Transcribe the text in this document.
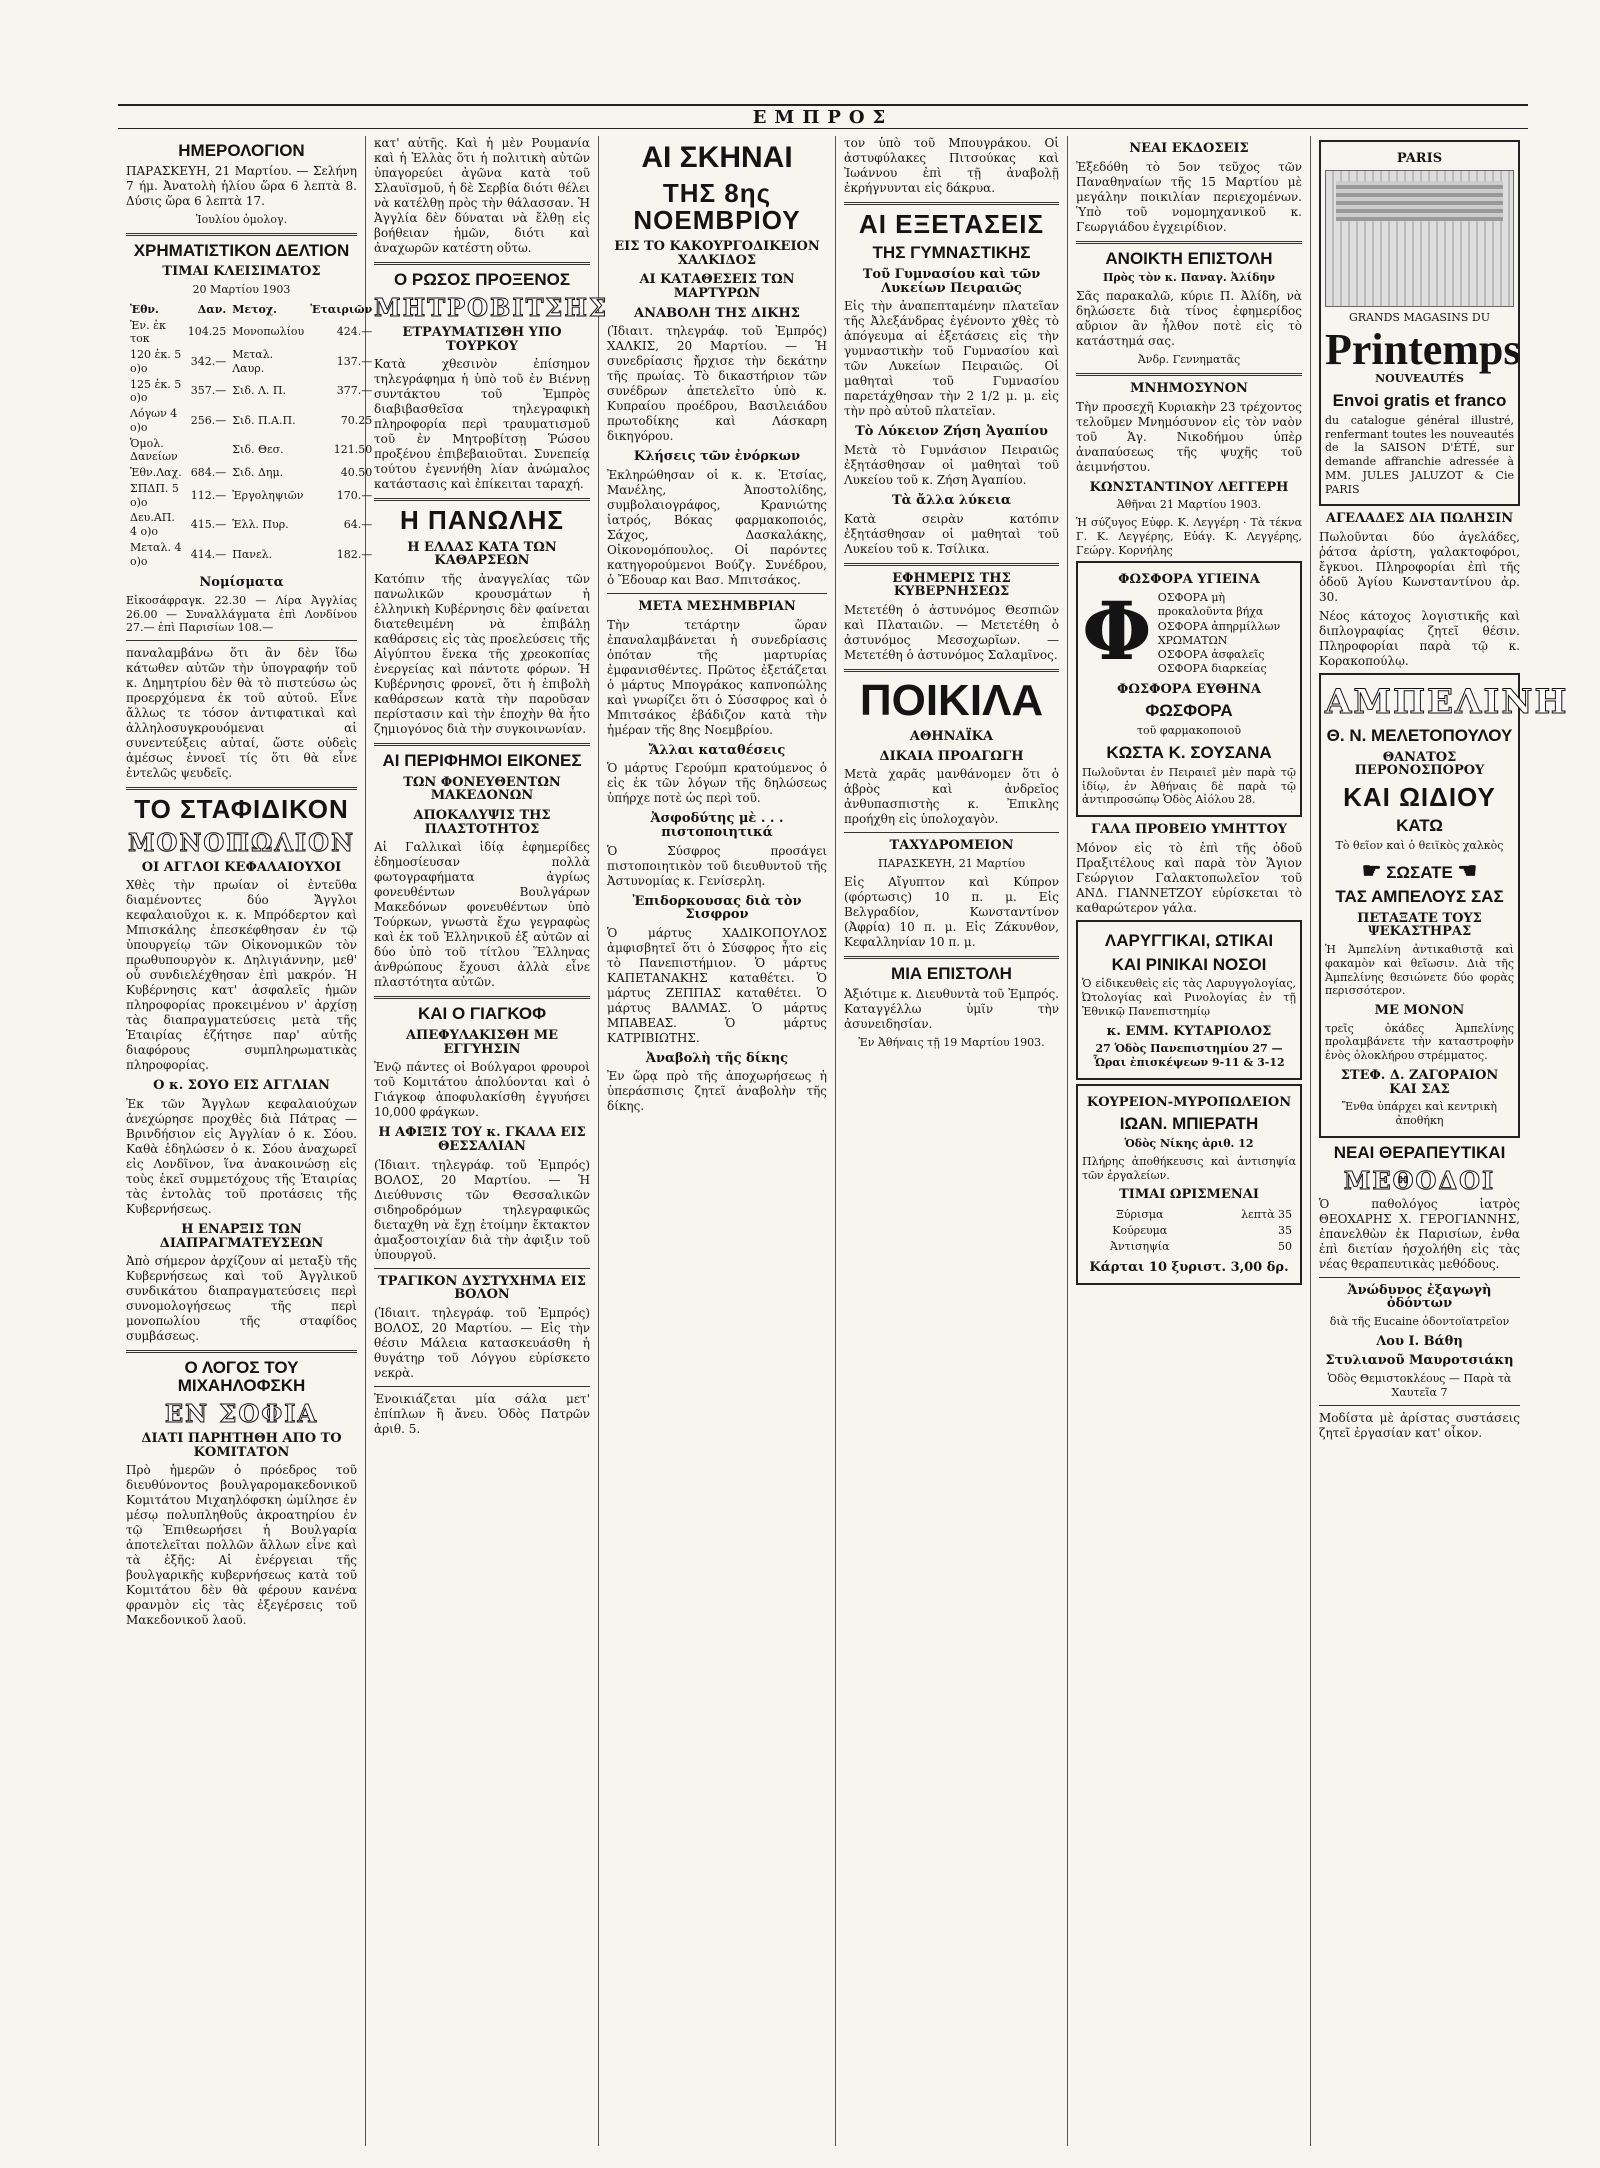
ΕΜΠΡΟΣ
ΗΜΕΡΟΛΟΓΙΟΝ

ΠΑΡΑΣΚΕΥΗ, 21 Μαρτίου. — Σελήνη 7 ήμ. Ἀνατολὴ ἡλίου ὥρα 6 λεπτὰ 8. Δύσις ὥρα 6 λεπτὰ 17.

Ἰουλίου ὁμολογ.

ΧΡΗΜΑΤΙΣΤΙΚΟΝ ΔΕΛΤΙΟΝ
ΤΙΜΑΙ ΚΛΕΙΣΙΜΑΤΟΣ

20 Μαρτίου 1903

Ἐθν.	Δαν.	Μετοχ.	Ἐταιριῶν
Ἐν. ἐκ τοκ	104.25	Μονοπωλίου	424.—
120 ἐκ. 5 ο)ο	342.—	Μεταλ. Λαυρ.	137.—
125 ἐκ. 5 ο)ο	357.—	Σιδ. Λ. Π.	377.—
Λόγων 4 ο)ο	256.—	Σιδ. Π.Α.Π.	70.25
Ὁμολ. Δανείων		Σιδ. Θεσ.	121.50
Ἐθν.Λαχ.	684.—	Σιδ. Δημ.	40.50
ΣΠΔΠ. 5 ο)ο	112.—	Ἐργοληψιῶν	170.—
Δευ.ΑΠ. 4 ο)ο	415.—	Ἑλλ. Πυρ.	64.—
Μεταλ. 4 ο)ο	414.—	Πανελ.	182.—
Νομίσματα

Εἰκοσάφραγκ. 22.30 — Λίρα Ἀγγλίας 26.00 — Συναλλάγματα ἐπὶ Λονδίνου 27.— ἐπὶ Παρισίων 108.—

παναλαμβάνω ὅτι ἂν δὲν ἴδω κάτωθεν αὐτῶν τὴν ὑπογραφήν τοῦ κ. Δημητρίου δὲν θὰ τὸ πιστεύσω ὡς προερχόμενα ἐκ τοῦ αὐτοῦ. Εἶνε ἄλλως τε τόσον ἀντιφατικαὶ καὶ ἀλληλοσυγκρουόμεναι αἱ συνεντεύξεις αὐταί, ὥστε οὐδεὶς ἀμέσως ἐννοεῖ τίς ὅτι θὰ εἶνε ἐντελῶς ψευδεῖς.

ΤΟ ΣΤΑΦΙΔΙΚΟΝ
ΜΟΝΟΠΩΛΙΟΝ
ΟΙ ΑΓΓΛΟΙ ΚΕΦΑΛΑΙΟΥΧΟΙ

Χθὲς τὴν πρωίαν οἱ ἐντεῦθα διαμένοντες δύο Ἄγγλοι κεφαλαιοῦχοι κ. κ. Μπρόδερτον καὶ Μπισκάλης ἐπεσκέφθησαν ἐν τῷ ὑπουργείῳ τῶν Οἰκονομικῶν τὸν πρωθυπουργὸν κ. Δηλιγιάννην, μεθ' οὗ συνδιελέχθησαν ἐπὶ μακρόν. Ἡ Κυβέρνησις κατ' ἀσφαλεῖς ἡμῶν πληροφορίας προκειμένου ν' ἀρχίσῃ τὰς διαπραγματεύσεις μετὰ τῆς Ἑταιρίας ἐζήτησε παρ' αὐτῆς διαφόρους συμπληρωματικὰς πληροφορίας.

Ο κ. ΣΟΥΟ ΕΙΣ ΑΓΓΛΙΑΝ

Ἐκ τῶν Ἄγγλων κεφαλαιούχων ἀνεχώρησε προχθὲς διὰ Πάτρας — Βρινδήσιον εἰς Ἀγγλίαν ὁ κ. Σόου. Καθὰ ἐδηλώσεν ὁ κ. Σόου ἀναχωρεῖ εἰς Λονδῖνον, ἵνα ἀνακοινώσῃ εἰς τοὺς ἐκεῖ συμμετόχους τῆς Ἑταιρίας τὰς ἐντολὰς τοῦ προτάσεις τῆς Κυβερνήσεως.

Η ΕΝΑΡΞΙΣ ΤΩΝ ΔΙΑΠΡΑΓΜΑΤΕΥΣΕΩΝ

Ἀπὸ σήμερον ἀρχίζουν αἱ μεταξὺ τῆς Κυβερνήσεως καὶ τοῦ Ἀγγλικοῦ συνδικάτου διαπραγματεύσεις περὶ συνομολογήσεως τῆς περὶ μονοπωλίου τῆς σταφίδος συμβάσεως.

Ο ΛΟΓΟΣ ΤΟΥ ΜΙΧΑΗΛΟΦΣΚΗ
ΕΝ ΣΟΦΙΑ
ΔΙΑΤΙ ΠΑΡΗΤΗΘΗ ΑΠΟ ΤΟ ΚΟΜΙΤΑΤΟΝ

Πρὸ ἡμερῶν ὁ πρόεδρος τοῦ διευθύνοντος βουλγαρομακεδονικοῦ Κομιτάτου Μιχαηλόφσκη ὡμίλησε ἐν μέσῳ πολυπληθοῦς ἀκροατηρίου ἐν τῷ Ἐπιθεωρήσει ἡ Βουλγαρία ἀποτελεῖται πολλῶν ἄλλων εἶνε καὶ τὰ ἑξῆς: Αἱ ἐνέργειαι τῆς βουλγαρικῆς κυβερνήσεως κατὰ τοῦ Κομιτάτου δὲν θὰ φέρουν κανένα φρανμὸν εἰς τὰς ἐξεγέρσεις τοῦ Μακεδονικοῦ λαοῦ.

κατ' αὐτῆς. Καὶ ἡ μὲν Ρουμανία καὶ ἡ Ἑλλὰς ὅτι ἡ πολιτικὴ αὐτῶν ὑπαγορεύει ἀγῶνα κατὰ τοῦ Σλαυϊσμοῦ, ἡ δὲ Σερβία διότι θέλει νὰ κατέλθῃ πρὸς τὴν θάλασσαν. Ἡ Ἀγγλία δὲν δύναται νὰ ἔλθῃ εἰς βοήθειαν ἡμῶν, διότι καὶ ἀναχωρῶν κατέστη οὕτω.

Ο ΡΩΣΟΣ ΠΡΟΞΕΝΟΣ
ΜΗΤΡΟΒΙΤΣΗΣ
ΕΤΡΑΥΜΑΤΙΣΘΗ ΥΠΟ ΤΟΥΡΚΟΥ

Κατὰ χθεσινὸν ἐπίσημον τηλεγράφημα ἡ ὑπὸ τοῦ ἐν Βιέννῃ συντάκτου τοῦ Ἐμπρὸς διαβιβασθεῖσα τηλεγραφικὴ πληροφορία περὶ τραυματισμοῦ τοῦ ἐν Μητροβίτσῃ Ῥώσου προξένου ἐπιβεβαιοῦται. Συνεπείᾳ τούτου ἐγεννήθη λίαν ἀνώμαλος κατάστασις καὶ ἐπίκειται ταραχή.

Η ΠΑΝΩΛΗΣ
Η ΕΛΛΑΣ ΚΑΤΑ ΤΩΝ ΚΑΘΑΡΣΕΩΝ

Κατόπιν τῆς ἀναγγελίας τῶν πανωλικῶν κρουσμάτων ἡ ἑλληνικὴ Κυβέρνησις δὲν φαίνεται διατεθειμένη νὰ ἐπιβάλῃ καθάρσεις εἰς τὰς προελεύσεις τῆς Αἰγύπτου ἕνεκα τῆς χρεοκοπίας ἐνεργείας καὶ πάντοτε φόρων. Ἡ Κυβέρνησις φρονεῖ, ὅτι ἡ ἐπιβολὴ καθάρσεων κατὰ τὴν παροῦσαν περίστασιν καὶ τὴν ἐποχὴν θὰ ἦτο ζημιογόνος διὰ τὴν συγκοινωνίαν.

ΑΙ ΠΕΡΙΦΗΜΟΙ ΕΙΚΟΝΕΣ
ΤΩΝ ΦΟΝΕΥΘΕΝΤΩΝ ΜΑΚΕΔΟΝΩΝ
ΑΠΟΚΑΛΥΨΙΣ ΤΗΣ ΠΛΑΣΤΟΤΗΤΟΣ

Αἱ Γαλλικαὶ ἰδίᾳ ἐφημερίδες ἐδημοσίευσαν πολλὰ φωτογραφήματα ἀγρίως φονευθέντων Βουλγάρων Μακεδόνων φονευθέντων ὑπὸ Τούρκων, γνωστὰ ἔχω γεγραφὼς καὶ ἐκ τοῦ Ἐλληνικοῦ ἐξ αὐτῶν αἱ δύο ὑπὸ τοῦ τίτλου Ἕλληνας ἀνθρώπους ἔχουσι ἀλλὰ εἶνε πλαστότητα αὐτῶν.

ΚΑΙ Ο ΓΙΑΓΚΟΦ
ΑΠΕΦΥΛΑΚΙΣΘΗ ΜΕ ΕΓΓΥΗΣΙΝ

Ἐνῷ πάντες οἱ Βούλγαροι φρουροὶ τοῦ Κομιτάτου ἀπολύονται καὶ ὁ Γιάγκοφ ἀποφυλακίσθη ἐγγυήσει 10,000 φράγκων.

Η ΑΦΙΞΙΣ ΤΟΥ κ. ΓΚΑΛΑ ΕΙΣ ΘΕΣΣΑΛΙΑΝ

(Ἰδιαιτ. τηλεγράφ. τοῦ Ἐμπρός) ΒΟΛΟΣ, 20 Μαρτίου. — Ἡ Διεύθυνσις τῶν Θεσσαλικῶν σιδηροδρόμων τηλεγραφικῶς διεταχθη νὰ ἔχῃ ἑτοίμην ἔκτακτον ἀμαξοστοιχίαν διὰ τὴν ἀφιξιν τοῦ ὑπουργοῦ.

ΤΡΑΓΙΚΟΝ ΔΥΣΤΥΧΗΜΑ ΕΙΣ ΒΟΛΟΝ

(Ἰδιαιτ. τηλεγράφ. τοῦ Ἐμπρός) ΒΟΛΟΣ, 20 Μαρτίου. — Εἰς τὴν θέσιν Μάλεια κατασκευάσθη ἡ θυγάτηρ τοῦ Λόγγου εὑρίσκετο νεκρὰ.

Ἐνοικιάζεται μία σάλα μετ' ἐπίπλων ἢ ἄνευ. Ὁδὸς Πατρῶν ἀριθ. 5.

ΑΙ ΣΚΗΝΑΙ
ΤΗΣ 8ης ΝΟΕΜΒΡΙΟΥ
ΕΙΣ ΤΟ ΚΑΚΟΥΡΓΟΔΙΚΕΙΟΝ ΧΑΛΚΙΔΟΣ
ΑΙ ΚΑΤΑΘΕΣΕΙΣ ΤΩΝ ΜΑΡΤΥΡΩΝ
ΑΝΑΒΟΛΗ ΤΗΣ ΔΙΚΗΣ

(Ἰδιαιτ. τηλεγράφ. τοῦ Ἐμπρός) ΧΑΛΚΙΣ, 20 Μαρτίου. — Ἡ συνεδρίασις ἤρχισε τὴν δεκάτην τῆς πρωίας. Τὸ δικαστήριον τῶν συνέδρων ἀπετελεῖτο ὑπὸ κ. Κυπραίου προέδρου, Βασιλειάδου πρωτοδίκης καὶ Λάσκαρη δικηγόρου.

Κλήσεις τῶν ἐνόρκων

Ἐκληρώθησαν οἱ κ. κ. Ἐτσίας, Μανέλης, Ἀποστολίδης, συμβολαιογράφος, Κρανιώτης ἰατρός, Βόκας φαρμακοποιός, Σάχος, Δασκαλάκης, Οἰκονομόπουλος. Οἱ παρόντες κατηγορούμενοι Βούζγ. Συνέδρου, ὁ Ἔδουαρ και Βασ. Μπιτσάκος.

ΜΕΤΑ ΜΕΣΗΜΒΡΙΑΝ

Τὴν τετάρτην ὥραν ἐπαναλαμβάνεται ἡ συνεδρίασις ὁπόταν τῆς μαρτυρίας ἐμφανισθέντες. Πρῶτος ἐξετάζεται ὁ μάρτυς Μπογράκος καπνοπώλης καὶ γνωρίζει ὅτι ὁ Σύσσφρος καὶ ὁ Μπιτσάκος ἐβάδιζον κατὰ τὴν ἡμέραν τῆς 8ης Νοεμβρίου.

Ἄλλαι καταθέσεις

Ὁ μάρτυς Γερούμπ κρατούμενος ὁ εἰς ἐκ τῶν λόγων τῆς δηλώσεως ὑπήρχε ποτὲ ὡς περὶ τοῦ.

Ἀσφοδύτης μὲ . . . πιστοποιητικά

Ὁ Σύσφρος προσάγει πιστοποιητικὸν τοῦ διευθυντοῦ τῆς Ἀστυνομίας κ. Γενίσερλη.

Ἐπιδορκουσας διὰ τὸν Σισφρον

Ὁ μάρτυς ΧΑΔΙΚΟΠΟΥΛΟΣ ἀμφισβητεῖ ὅτι ὁ Σύσφρος ἦτο εἰς τὸ Πανεπιστήμιον. Ὁ μάρτυς ΚΑΠΕΤΑΝΑΚΗΣ καταθέτει. Ὁ μάρτυς ΖΕΠΠΑΣ καταθέτει. Ὁ μάρτυς ΒΑΛΜΑΣ. Ὁ μάρτυς ΜΠΑΒΕΑΣ. Ὁ μάρτυς ΚΑΤΡΙΒΙΩΤΗΣ.

Ἀναβολὴ τῆς δίκης

Ἐν ὥρᾳ πρὸ τῆς ἀποχωρήσεως ἡ ὑπεράσπισις ζητεῖ ἀναβολὴν τῆς δίκης.

τον ὑπὸ τοῦ Μπουγράκου. Οἱ ἀστυφύλακες Πιτσούκας καὶ Ἰωάννου ἐπὶ τῇ ἀναβολῇ ἐκρήγνυνται εἰς δάκρυα.

ΑΙ ΕΞΕΤΑΣΕΙΣ
ΤΗΣ ΓΥΜΝΑΣΤΙΚΗΣ
Τοῦ Γυμνασίου καὶ τῶν Λυκείων Πειραιῶς

Εἰς τὴν ἀναπεπταμένην πλατεῖαν τῆς Ἀλεξάνδρας ἐγένοντο χθὲς τὸ ἀπόγευμα αἱ ἐξετάσεις εἰς τὴν γυμναστικὴν τοῦ Γυμνασίου καὶ τῶν Λυκείων Πειραιῶς. Οἱ μαθηταὶ τοῦ Γυμνασίου παρετάχθησαν τὴν 2 1/2 μ. μ. εἰς τὴν πρὸ αὐτοῦ πλατεῖαν.

Τὸ Λύκειον Ζήση Ἀγαπίου

Μετὰ τὸ Γυμνάσιον Πειραιῶς ἐξητάσθησαν οἱ μαθηταὶ τοῦ Λυκείου τοῦ κ. Ζήση Ἀγαπίου.

Τὰ ἄλλα λύκεια

Κατὰ σειρὰν κατόπιν ἐξητάσθησαν οἱ μαθηταὶ τοῦ Λυκείου τοῦ κ. Τσίλικα.

ΕΦΗΜΕΡΙΣ ΤΗΣ ΚΥΒΕΡΝΗΣΕΩΣ

Μετετέθη ὁ ἀστυνόμος Θεσπιῶν καὶ Πλαταιῶν. — Μετετέθη ὁ ἀστυνόμος Μεσοχωρῖων. — Μετετέθη ὁ ἀστυνόμος Σαλαμῖνος.

ΠΟΙΚΙΛΑ
ΑΘΗΝΑΪΚΑ
ΔΙΚΑΙΑ ΠΡΟΑΓΩΓΗ

Μετὰ χαρᾶς μανθάνομεν ὅτι ὁ ἁβρὸς καὶ ἀνδρεῖος ἀνθυπασπιστὴς κ. Ἐπικλης προήχθη εἰς ὑπολοχαγὸν.

ΤΑΧΥΔΡΟΜΕΙΟΝ

ΠΑΡΑΣΚΕΥΗ, 21 Μαρτίου

Εἰς Αἴγυπτον καὶ Κύπρον (φόρτωσις) 10 π. μ. Εἰς Βελγραδίον, Κωνσταντίνον (Ἀφρία) 10 π. μ. Εἰς Ζάκυνθον, Κεφαλληνίαν 10 π. μ.

ΜΙΑ ΕΠΙΣΤΟΛΗ

Ἀξιότιμε κ. Διευθυντὰ τοῦ Ἐμπρός. Καταγγέλλω ὑμῖν τὴν ἀσυνειδησίαν.

Ἐν Ἀθήναις τῇ 19 Μαρτίου 1903.

ΝΕΑΙ ΕΚΔΟΣΕΙΣ

Ἐξεδόθη τὸ 5ον τεῦχος τῶν Παναθηναίων τῆς 15 Μαρτίου μὲ μεγάλην ποικιλίαν περιεχομένων. Ὑπὸ τοῦ νομομηχανικοῦ κ. Γεωργιάδου ἐγχειρίδιον.

ΑΝΟΙΚΤΗ ΕΠΙΣΤΟΛΗ

Πρὸς τὸν κ. Παναγ. Ἀλίδην

Σᾶς παρακαλῶ, κύριε Π. Ἀλίδη, νὰ δηλώσετε διὰ τίνος ἐφημερίδος αὔριον ἂν ἦλθον ποτὲ εἰς τὸ κατάστημά σας.

Ἀνδρ. Γεννηματᾶς

ΜΝΗΜΟΣΥΝΟΝ

Τὴν προσεχῆ Κυριακὴν 23 τρέχοντος τελοῦμεν Μνημόσυνον εἰς τὸν ναὸν τοῦ Ἁγ. Νικοδήμου ὑπὲρ ἀναπαύσεως τῆς ψυχῆς τοῦ ἀειμνήστου.

ΚΩΝΣΤΑΝΤΙΝΟΥ ΛΕΓΓΕΡΗ

Ἀθῆναι 21 Μαρτίου 1903.

Ἡ σύζυγος Εὐφρ. Κ. Λεγγέρη · Τὰ τέκνα Γ. Κ. Λεγγέρης, Εὐάγ. Κ. Λεγγέρης, Γεώργ. Κορνήλης

ΦΩΣΦΟΡΑ ΥΓΙΕΙΝΑ
Φ ΟΣΦΟΡΑ μὴ προκαλοῦντα βήχα
ΟΣΦΟΡΑ ἀπηρμίλλων ΧΡΩΜΑΤΩΝ
ΟΣΦΟΡΑ ἀσφαλεῖς
ΟΣΦΟΡΑ διαρκείας
ΦΩΣΦΟΡΑ ΕΥΘΗΝΑ
ΦΩΣΦΟΡΑ

τοῦ φαρμακοποιοῦ

ΚΩΣΤΑ Κ. ΣΟΥΣΑΝΑ

Πωλοῦνται ἐν Πειραιεῖ μὲν παρὰ τῷ ἰδίῳ, ἐν Ἀθήναις δὲ παρὰ τῷ ἀντιπροσώπῳ Ὁδὸς Αἰόλου 28.

ΓΑΛΑ ΠΡΟΒΕΙΟ ΥΜΗΤΤΟΥ

Μόνον εἰς τὸ ἐπὶ τῆς ὁδοῦ Πραξιτέλους καὶ παρὰ τὸν Ἅγιον Γεώργιον Γαλακτοπωλεῖον τοῦ ΑΝΔ. ΓΙΑΝΝΕΤΖΟΥ εὑρίσκεται τὸ καθαρώτερον γάλα.

ΛΑΡΥΓΓΙΚΑΙ, ΩΤΙΚΑΙ
ΚΑΙ ΡΙΝΙΚΑΙ ΝΟΣΟΙ

Ὁ εἰδικευθεὶς εἰς τὰς Λαρυγγολογίας, Ὠτολογίας καὶ Ρινολογίας ἐν τῇ Ἐθνικῷ Πανεπιστημίῳ

κ. ΕΜΜ. ΚΥΤΑΡΙΟΛΟΣ

27 Ὁδὸς Πανεπιστημίου 27 — Ὧραι ἐπισκέψεων 9-11 & 3-12

ΚΟΥΡΕΙΟΝ-ΜΥΡΟΠΩΛΕΙΟΝ
ΙΩΑΝ. ΜΠΙΕΡΑΤΗ

Ὁδὸς Νίκης ἀριθ. 12

Πλήρης ἀποθήκευσις καὶ ἀντισηψία τῶν ἐργαλείων.

ΤΙΜΑΙ ΩΡΙΣΜΕΝΑΙ
Ξύρισμα	λεπτὰ 35
Κούρευμα	35
Ἀντισηψία	50
Κάρται 10 ξυριστ. 3,00 δρ.
PARIS

GRANDS MAGASINS DU

Printemps

NOUVEAUTÉS

Envoi gratis et franco

du catalogue général illustré, renfermant toutes les nouveautés de la SAISON D'ÉTÉ, sur demande affranchie adressée à MM. JULES JALUZOT & Cie PARIS

ΑΓΕΛΑΔΕΣ ΔΙΑ ΠΩΛΗΣΙΝ

Πωλοῦνται δύο ἀγελάδες, ῥάτσα ἀρίστη, γαλακτοφόροι, ἔγκυοι. Πληροφορίαι ἐπὶ τῆς ὁδοῦ Ἁγίου Κωνσταντίνου ἀρ. 30.

Νέος κάτοχος λογιστικῆς καὶ διπλογραφίας ζητεῖ θέσιν. Πληροφορίαι παρὰ τῷ κ. Κορακοπούλῳ.

ΑΜΠΕΛΙΝΗ
Θ. Ν. ΜΕΛΕΤΟΠΟΥΛΟΥ
ΘΑΝΑΤΟΣ ΠΕΡΟΝΟΣΠΟΡΟΥ
ΚΑΙ ΩΙΔΙΟΥ
ΚΑΤΩ

Τὸ θεῖον καὶ ὁ θειϊκὸς χαλκὸς

☛ ΣΩΣΑΤΕ ☚
ΤΑΣ ΑΜΠΕΛΟΥΣ ΣΑΣ
ΠΕΤΑΞΑΤΕ ΤΟΥΣ ΨΕΚΑΣΤΗΡΑΣ

Ἡ Ἀμπελίνη ἀντικαθιστᾷ καὶ φακαμὸν καὶ θεῖωσιν. Διὰ τῆς Ἀμπελίνης θεσιώνετε δύο φορὰς περισσότερον.

ΜΕ ΜΟΝΟΝ

τρεῖς ὀκάδες Ἀμπελίνης προλαμβάνετε τὴν καταστροφὴν ἑνὸς ὁλοκλήρου στρέμματος.

ΣΤΕΦ. Δ. ΖΑΓΟΡΑΙΟΝ ΚΑΙ ΣΑΣ

Ἔνθα ὑπάρχει καὶ κεντρικὴ ἀποθήκη

ΝΕΑΙ ΘΕΡΑΠΕΥΤΙΚΑΙ
ΜΕΘΟΔΟΙ

Ὁ παθολόγος ἰατρὸς ΘΕΟΧΑΡΗΣ Χ. ΓΕΡΟΓΙΑΝΝΗΣ, ἐπανελθὼν ἐκ Παρισίων, ἐνθα ἐπὶ διετίαν ἡσχολήθη εἰς τὰς νέας θεραπευτικὰς μεθόδους.

Ἀνώδυνος ἐξαγωγὴ ὀδόντων

διὰ τῆς Eucaine ὀδοντοϊατρεῖον

Λου Ι. Βάθη
Στυλιανοῦ Μαυροτσιάκη

Ὁδὸς Θεμιστοκλέους — Παρὰ τὰ Χαυτεῖα 7

Μοδίστα μὲ ἀρίστας συστάσεις ζητεῖ ἐργασίαν κατ' οἶκον.
